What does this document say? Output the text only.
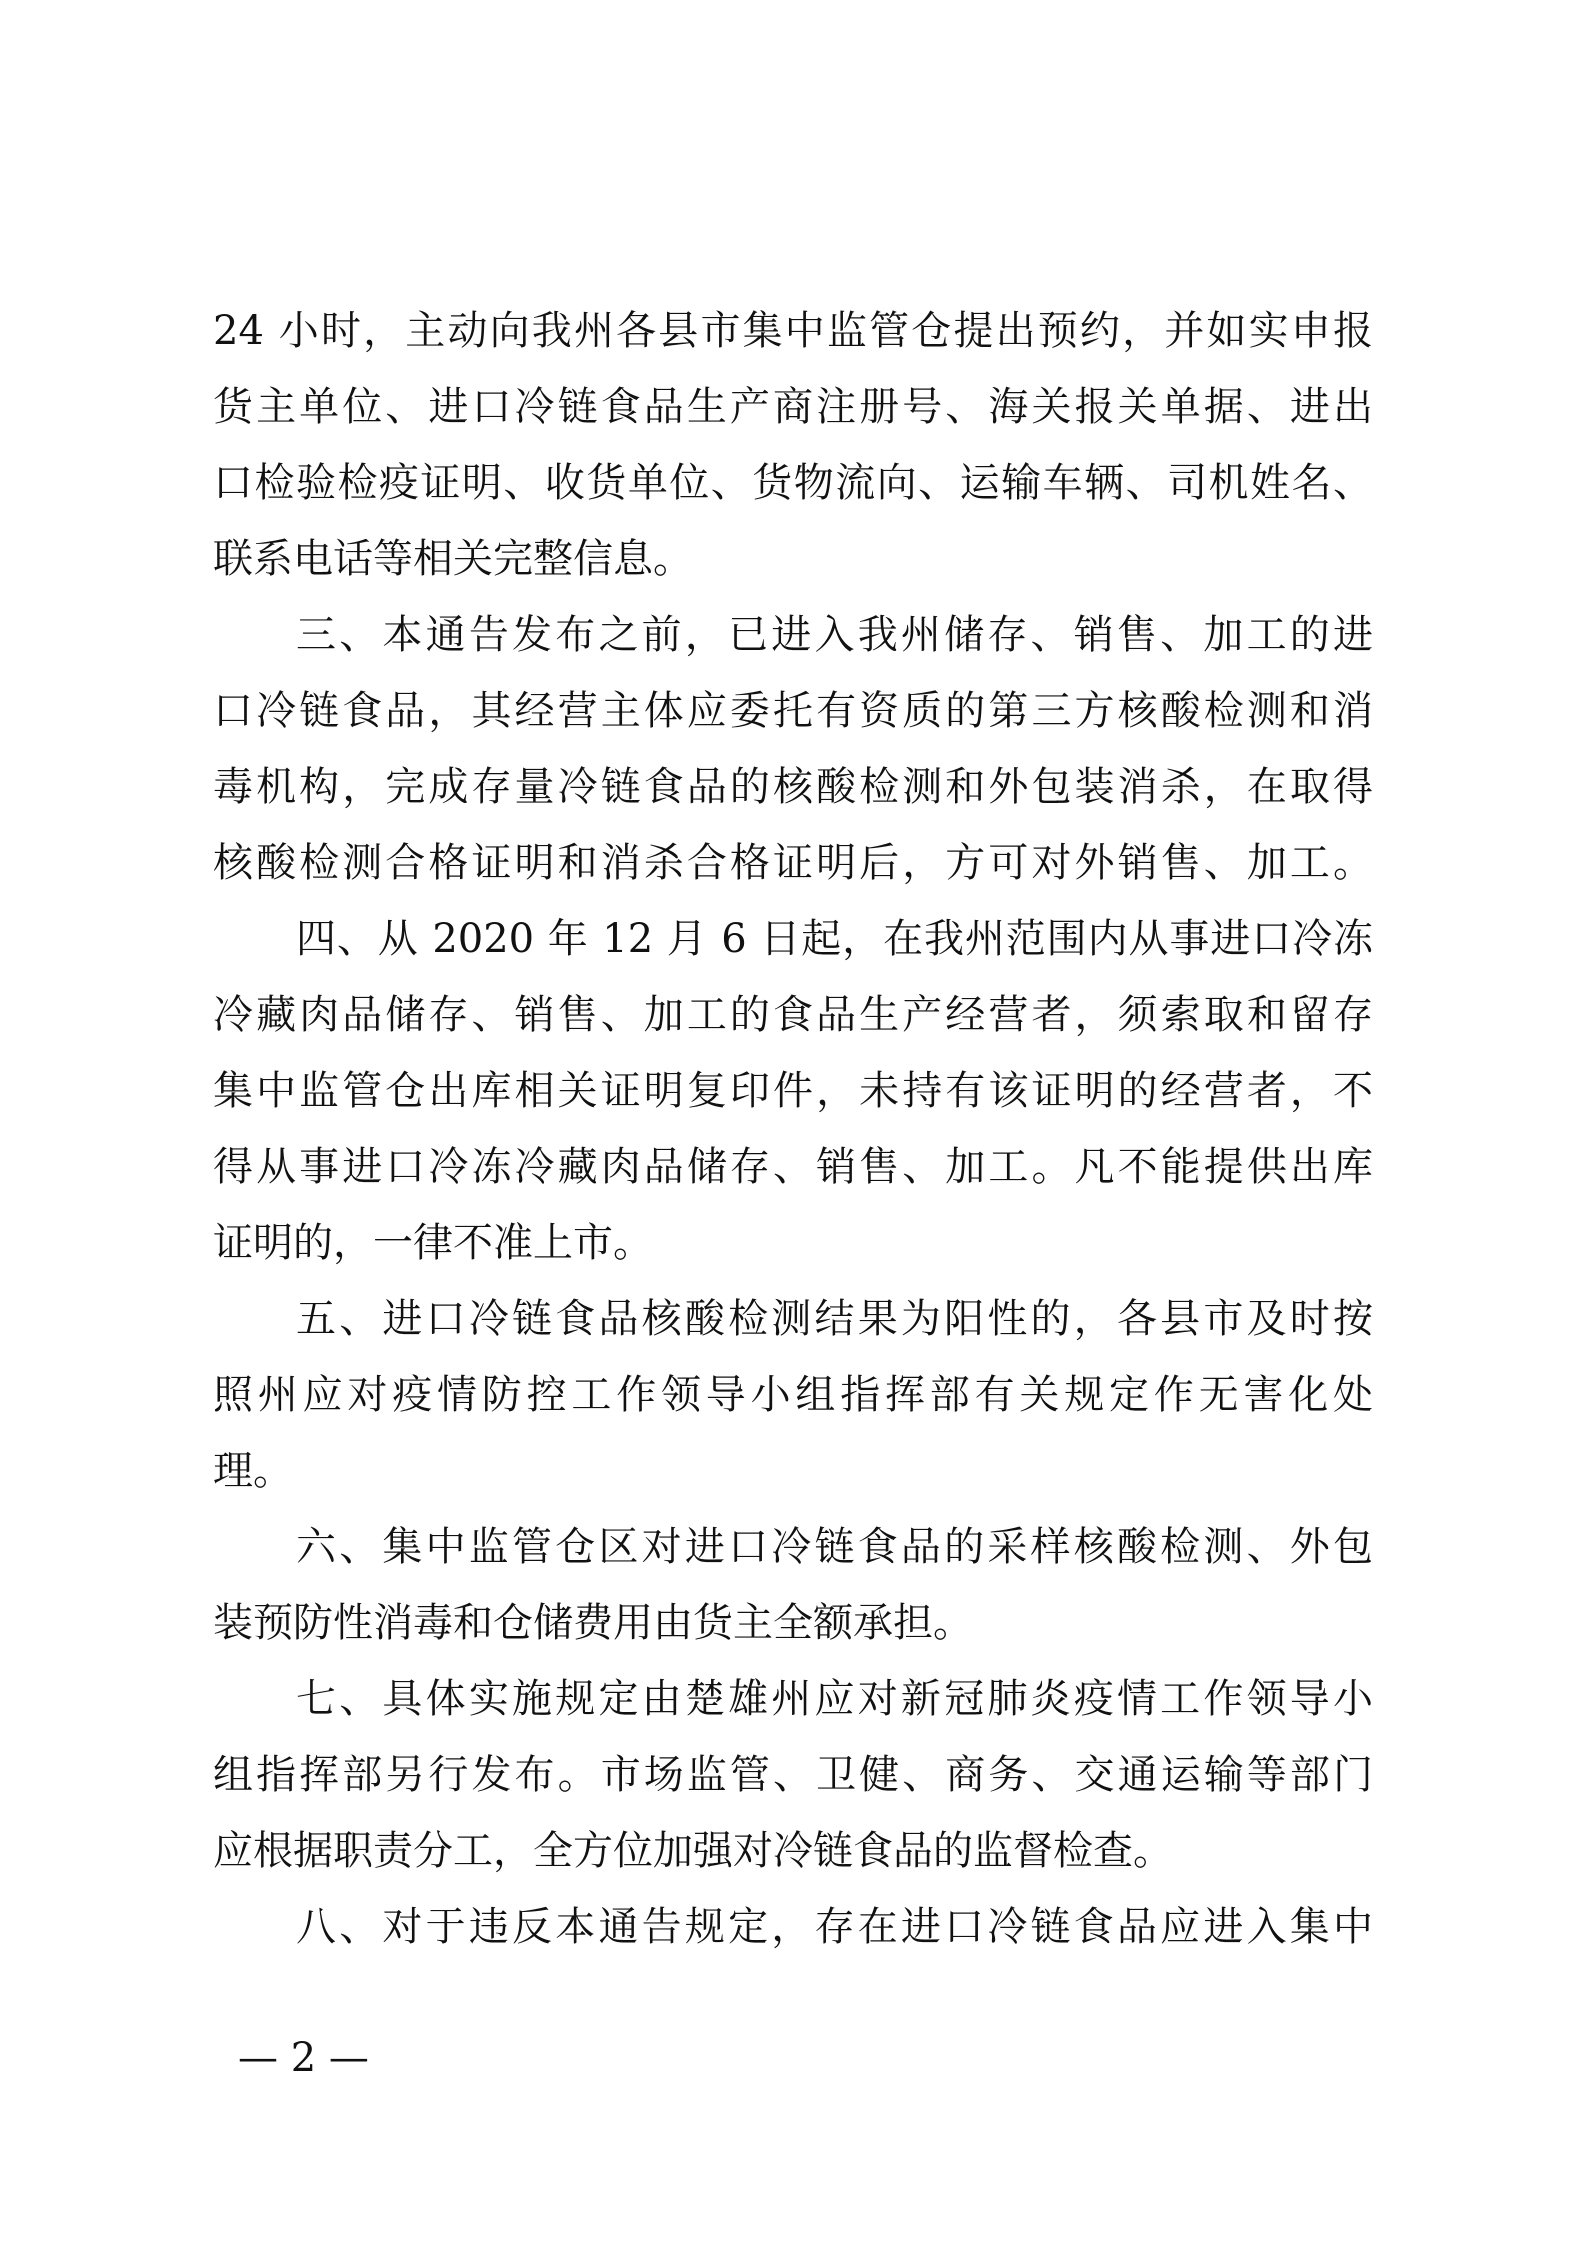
24 小时，主动向我州各县市集中监管仓提出预约，并如实申报
货主单位、进口冷链食品生产商注册号、海关报关单据、进出
口检验检疫证明、收货单位、货物流向、运输车辆、司机姓名、
联系电话等相关完整信息。
三、本通告发布之前，已进入我州储存、销售、加工的进
口冷链食品，其经营主体应委托有资质的第三方核酸检测和消
毒机构，完成存量冷链食品的核酸检测和外包装消杀，在取得
核酸检测合格证明和消杀合格证明后，方可对外销售、加工。
四、从 2020 年 12 月 6 日起，在我州范围内从事进口冷冻
冷藏肉品储存、销售、加工的食品生产经营者，须索取和留存
集中监管仓出库相关证明复印件，未持有该证明的经营者，不
得从事进口冷冻冷藏肉品储存、销售、加工。凡不能提供出库
证明的，一律不准上市。
五、进口冷链食品核酸检测结果为阳性的，各县市及时按
照州应对疫情防控工作领导小组指挥部有关规定作无害化处
理。
六、集中监管仓区对进口冷链食品的采样核酸检测、外包
装预防性消毒和仓储费用由货主全额承担。
七、具体实施规定由楚雄州应对新冠肺炎疫情工作领导小
组指挥部另行发布。市场监管、卫健、商务、交通运输等部门
应根据职责分工，全方位加强对冷链食品的监督检查。
八、对于违反本通告规定，存在进口冷链食品应进入集中
— 2 —
